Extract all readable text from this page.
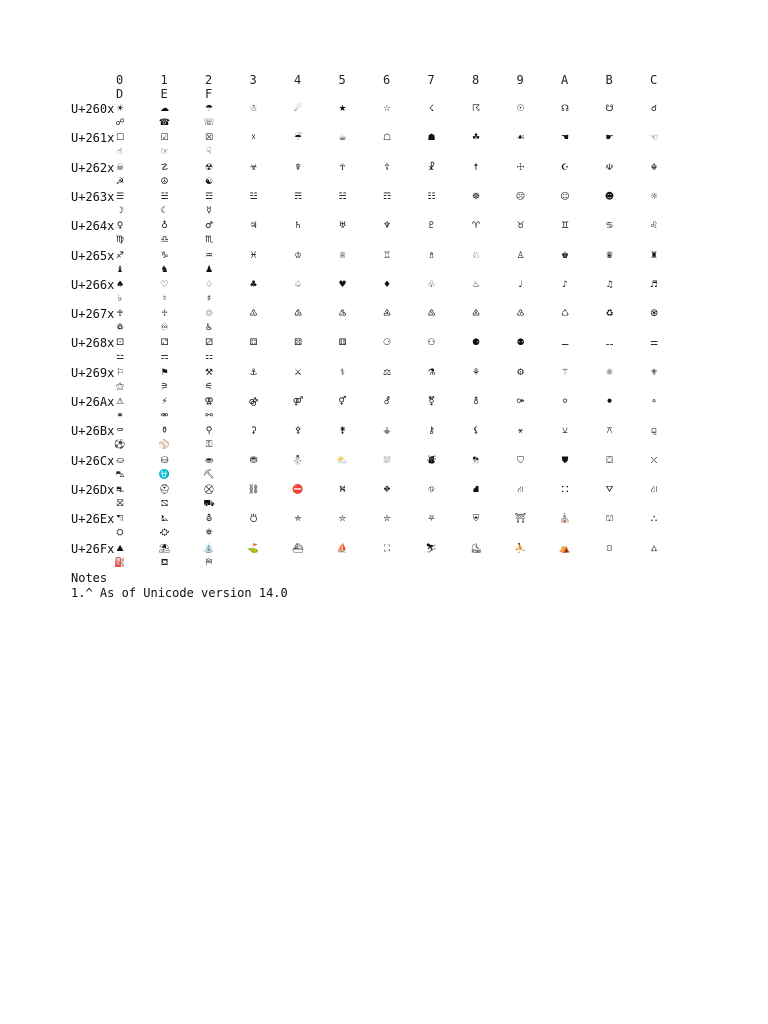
0	1	2	3	4	5	6	7	8	9	A	B	C
D	E	F
U+260x ☀	☁	☂	☃	☄	★	☆	☇	☈	☉	☊	☋	☌
☍	☎	☏
U+261x ☐	☑	☒	☓	☔	☕	☖	☗	☘	☙	☚	☛	☜
☝	☞	☟
U+262x ☠	☡	☢	☣	☤	☥	☦	☧	☨	☩	☪	☫	☬
☭	☮	☯
U+263x ☰	☱	☲	☳	☴	☵	☶	☷	☸	☹	☺	☻	☼
☽	☾	☿
U+264x ♀	♁	♂	♃	♄	♅	♆	♇	♈	♉	♊	♋	♌
♍	♎	♏
U+265x ♐	♑	♒	♓	♔	♕	♖	♗	♘	♙	♚	♛	♜
♝	♞	♟
U+266x ♠	♡	♢	♣	♤	♥	♦	♧	♨	♩	♪	♫	♬
♭	♮	♯
U+267x ♰	♱	♲	♳	♴	♵	♶	♷	♸	♹	♺	♻	♼
♽	♾	♿
U+268x ⚀	⚁	⚂	⚃	⚄	⚅	⚆	⚇	⚈	⚉	⚊	⚋	⚌
⚍	⚎	⚏
U+269x ⚐	⚑	⚒	⚓	⚔	⚕	⚖	⚗	⚘	⚙	⚚	⚛	⚜
⚝	⚞	⚟
U+26Ax ⚠	⚡	⚢	⚣	⚤	⚥	⚦	⚧	⚨	⚩	⚪	⚫	⚬
⚭	⚮	⚯
U+26Bx ⚰	⚱	⚲	⚳	⚴	⚵	⚶	⚷	⚸	⚹	⚺	⚻	⚼
⚽	⚾	⚿
U+26Cx ⛀	⛁	⛂	⛃	⛄	⛅	⛆	⛇	⛈	⛉	⛊	⛋	⛌
⛍	⛎	⛏
U+26Dx ⛐	⛑	⛒	⛓	⛔	⛕	⛖	⛗	⛘	⛙	⛚	⛛	⛜
⛝	⛞	⛟
U+26Ex ⛠	⛡	⛢	⛣	⛤	⛥	⛦	⛧	⛨	⛩	⛪	⛫	⛬
⛭	⛮	⛯
U+26Fx ⛰	⛱	⛲	⛳	⛴	⛵	⛶	⛷	⛸	⛹	⛺	⛻	⛼
⛽	⛾	⛿
Notes
1.^ As of Unicode version 14.0
